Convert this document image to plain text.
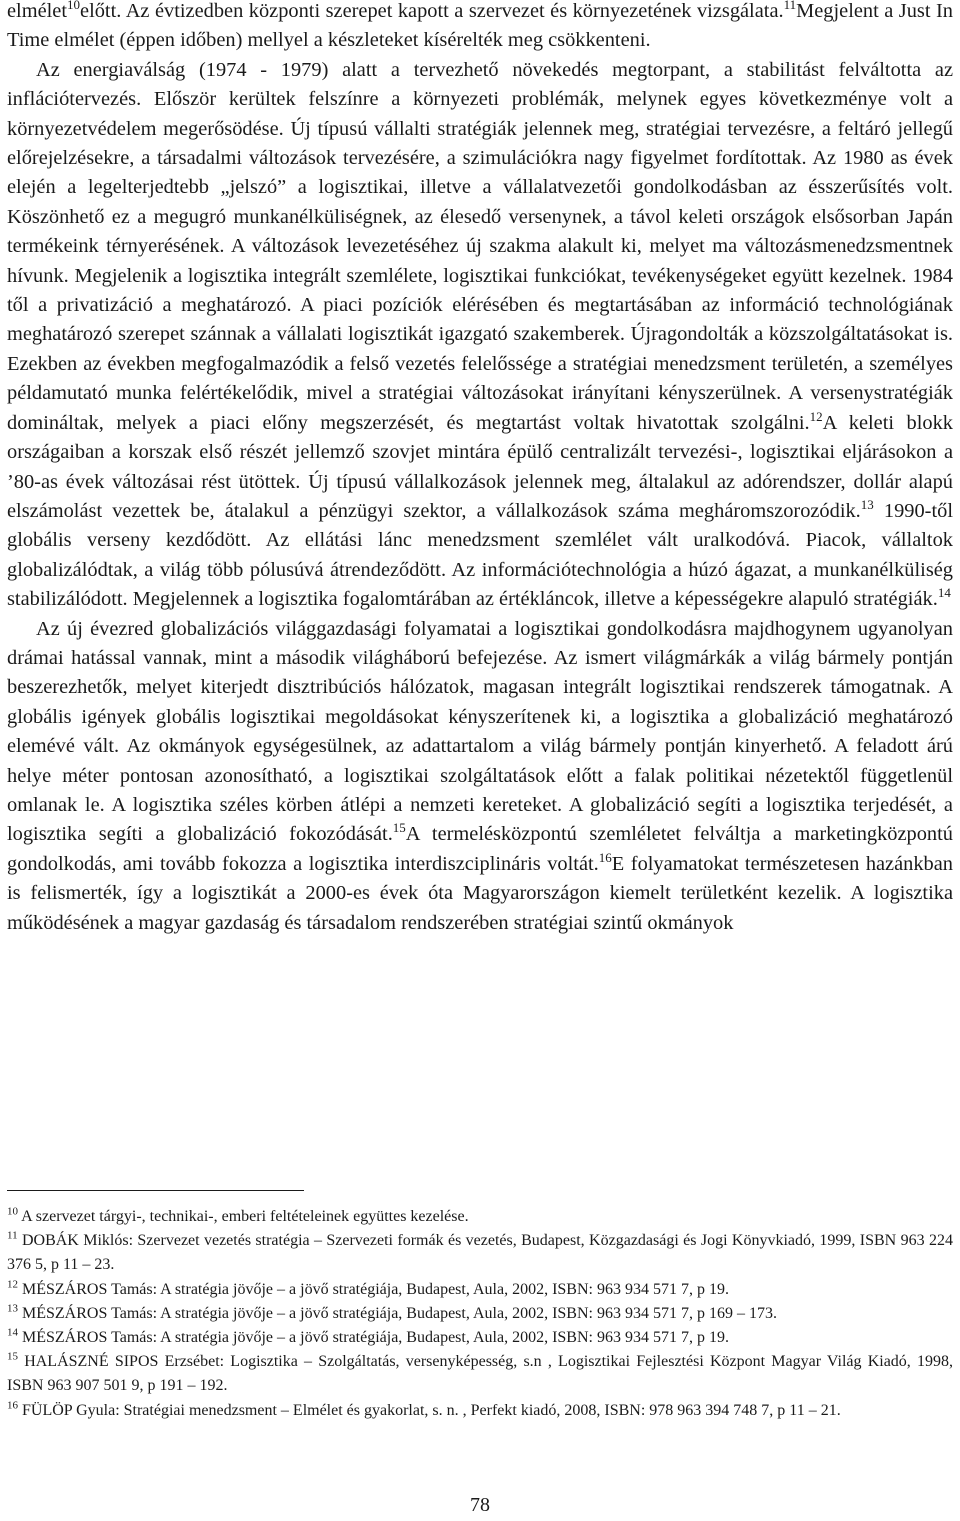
elmélet$^{10}$előtt. Az évtizedben központi szerepet kapott a szervezet és környezetének vizsgálata.$^{11}$Megjelent a Just In Time elmélet (éppen időben) mellyel a készleteket kísérelték meg csökkenteni.

Az energiaválság (1974 - 1979) alatt a tervezhető növekedés megtorpant, a stabilitást felváltotta az inflációtervezés. Először kerültek felszínre a környezeti problémák, melynek egyes következménye volt a környezetvédelem megerősödése. Új típusú vállalti stratégiák jelennek meg, stratégiai tervezésre, a feltáró jellegű előrejelzésekre, a társadalmi változások tervezésére, a szimulációkra nagy figyelmet fordítottak. Az 1980 as évek elején a legelterjedtebb „jelszó” a logisztikai, illetve a vállalatvezetői gondolkodásban az ésszerűsítés volt. Köszönhető ez a megugró munkanélküliségnek, az élesedő versenynek, a távol keleti országok elsősorban Japán termékeink térnyerésének. A változások levezetéséhez új szakma alakult ki, melyet ma változásmenedzsmentnek hívunk. Megjelenik a logisztika integrált szemlélete, logisztikai funkciókat, tevékenységeket együtt kezelnek. 1984 től a privatizáció a meghatározó. A piaci pozíciók elérésében és megtartásában az információ technológiának meghatározó szerepet szánnak a vállalati logisztikát igazgató szakemberek. Újragondolták a közszolgáltatásokat is. Ezekben az években megfogalmazódik a felső vezetés felelőssége a stratégiai menedzsment területén, a személyes példamutató munka felértékelődik, mivel a stratégiai változásokat irányítani kényszerülnek. A versenystratégiák domináltak, melyek a piaci előny megszerzését, és megtartást voltak hivatottak szolgálni.$^{12}$A keleti blokk országaiban a korszak első részét jellemző szovjet mintára épülő centralizált tervezési-, logisztikai eljárásokon a ’80-as évek változásai rést ütöttek. Új típusú vállalkozások jelennek meg, általakul az adórendszer, dollár alapú elszámolást vezettek be, átalakul a pénzügyi szektor, a vállalkozások száma megháromszorozódik.$^{13}$ 1990-től globális verseny kezdődött. Az ellátási lánc menedzsment szemlélet vált uralkodóvá. Piacok, vállaltok globalizálódtak, a világ több pólusúvá átrendeződött. Az információtechnológia a húzó ágazat, a munkanélküliség stabilizálódott. Megjelennek a logisztika fogalomtárában az értékláncok, illetve a képességekre alapuló stratégiák.$^{14}$

Az új évezred globalizációs világgazdasági folyamatai a logisztikai gondolkodásra majdhogynem ugyanolyan drámai hatással vannak, mint a második világháború befejezése. Az ismert világmárkák a világ bármely pontján beszerezhetők, melyet kiterjedt disztribúciós hálózatok, magasan integrált logisztikai rendszerek támogatnak. A globális igények globális logisztikai megoldásokat kényszerítenek ki, a logisztika a globalizáció meghatározó elemévé vált. Az okmányok egységesülnek, az adattartalom a világ bármely pontján kinyerhető. A feladott árú helye méter pontosan azonosítható, a logisztikai szolgáltatások előtt a falak politikai nézetektől függetlenül omlanak le. A logisztika széles körben átlépi a nemzeti kereteket. A globalizáció segíti a logisztika terjedését, a logisztika segíti a globalizáció fokozódását.$^{15}$A termelésközpontú szemléletet felváltja a marketingközpontú gondolkodás, ami tovább fokozza a logisztika interdiszciplináris voltát.$^{16}$E folyamatokat természetesen hazánkban is felismerték, így a logisztikát a 2000-es évek óta Magyarországon kiemelt területként kezelik. A logisztika működésének a magyar gazdaság és társadalom rendszerében stratégiai szintű okmányok

$^{10}$ A szervezet tárgyi-, technikai-, emberi feltételeinek együttes kezelése.

$^{11}$ DOBÁK Miklós: Szervezet vezetés stratégia – Szervezeti formák és vezetés, Budapest, Közgazdasági és Jogi Könyvkiadó, 1999, ISBN 963 224 376 5, p 11 – 23.

$^{12}$ MÉSZÁROS Tamás: A stratégia jövője – a jövő stratégiája, Budapest, Aula, 2002, ISBN: 963 934 571 7, p 19.

$^{13}$ MÉSZÁROS Tamás: A stratégia jövője – a jövő stratégiája, Budapest, Aula, 2002, ISBN: 963 934 571 7, p 169 – 173.

$^{14}$ MÉSZÁROS Tamás: A stratégia jövője – a jövő stratégiája, Budapest, Aula, 2002, ISBN: 963 934 571 7, p 19.

$^{15}$ HALÁSZNÉ SIPOS Erzsébet: Logisztika – Szolgáltatás, versenyképesség, s.n , Logisztikai Fejlesztési Központ Magyar Világ Kiadó, 1998, ISBN 963 907 501 9, p 191 – 192.

$^{16}$ FÜLÖP Gyula: Stratégiai menedzsment – Elmélet és gyakorlat, s. n. , Perfekt kiadó, 2008, ISBN: 978 963 394 748 7, p 11 – 21.

78
